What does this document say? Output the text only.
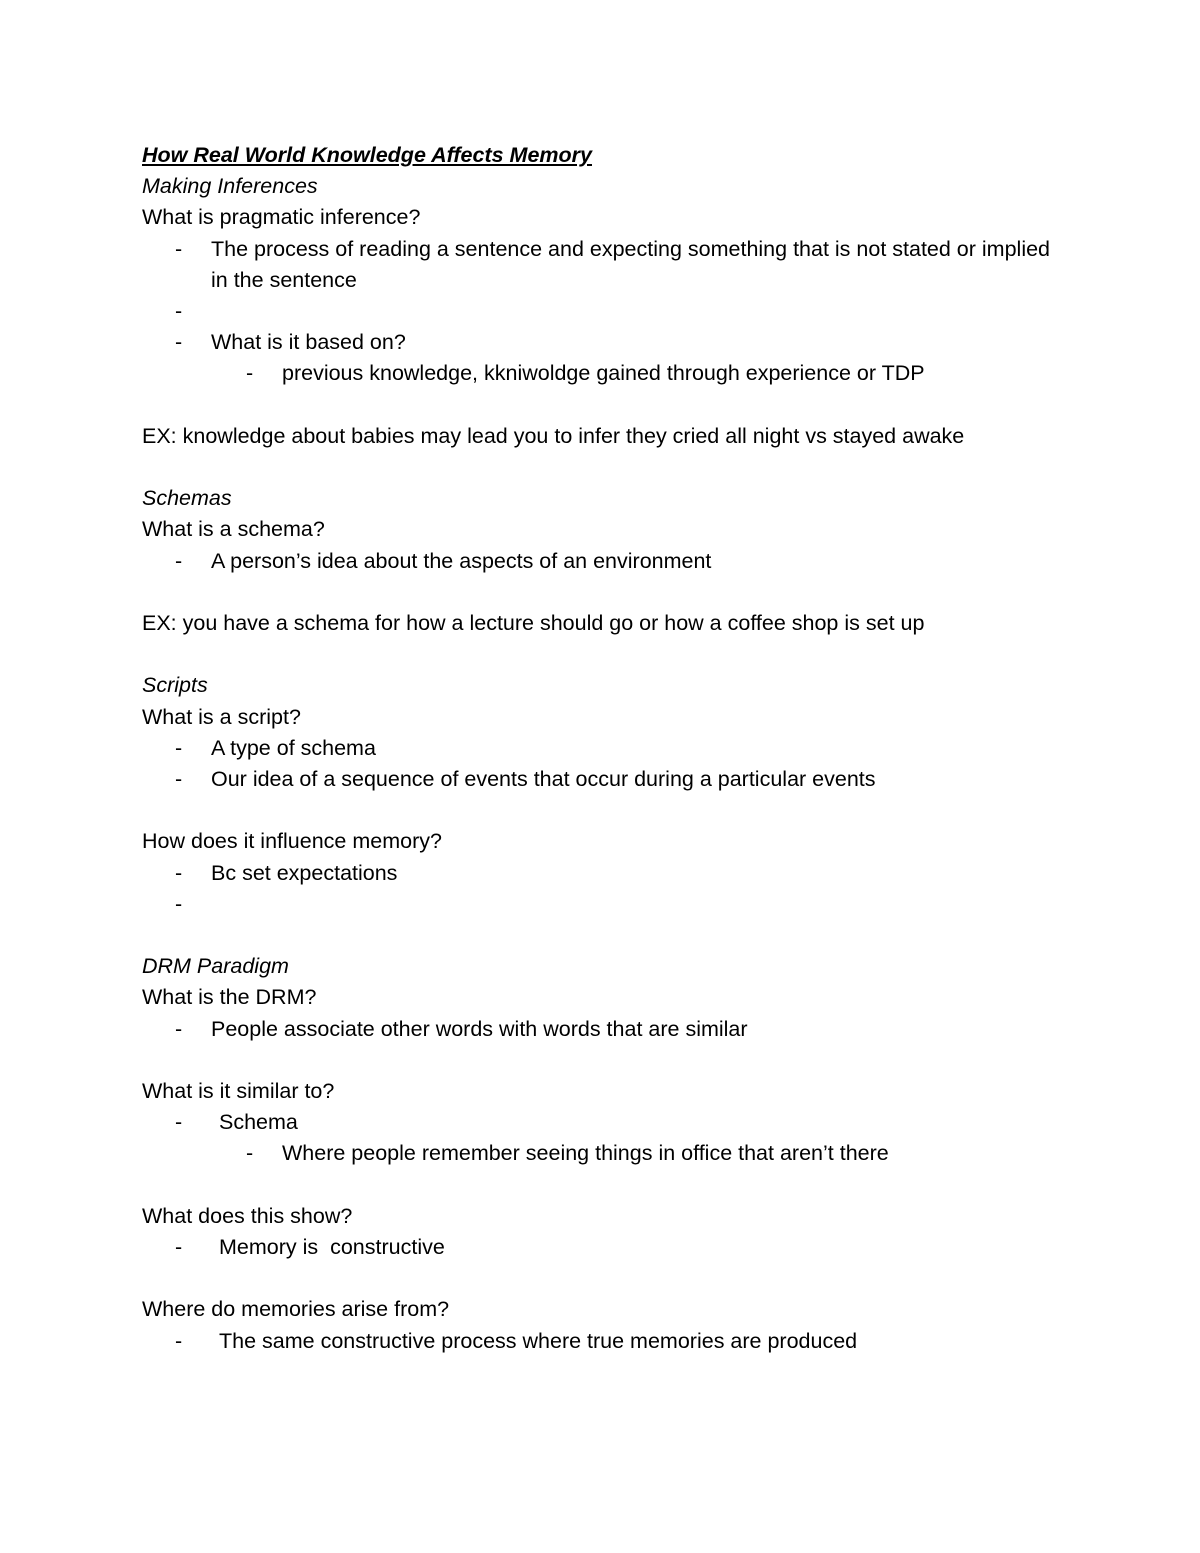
How Real World Knowledge Affects Memory
Making Inferences
What is pragmatic inference?
- The process of reading a sentence and expecting something that is not stated or implied in the sentence
-
- What is it based on?
- previous knowledge, kkniwoldge gained through experience or TDP
EX: knowledge about babies may lead you to infer they cried all night vs stayed awake
Schemas
What is a schema?
- A person’s idea about the aspects of an environment
EX: you have a schema for how a lecture should go or how a coffee shop is set up
Scripts
What is a script?
- A type of schema
- Our idea of a sequence of events that occur during a particular events
How does it influence memory?
- Bc set expectations
-
DRM Paradigm
What is the DRM?
- People associate other words with words that are similar
What is it similar to?
- Schema
- Where people remember seeing things in office that aren’t there
What does this show?
- Memory is  constructive
Where do memories arise from?
- The same constructive process where true memories are produced
